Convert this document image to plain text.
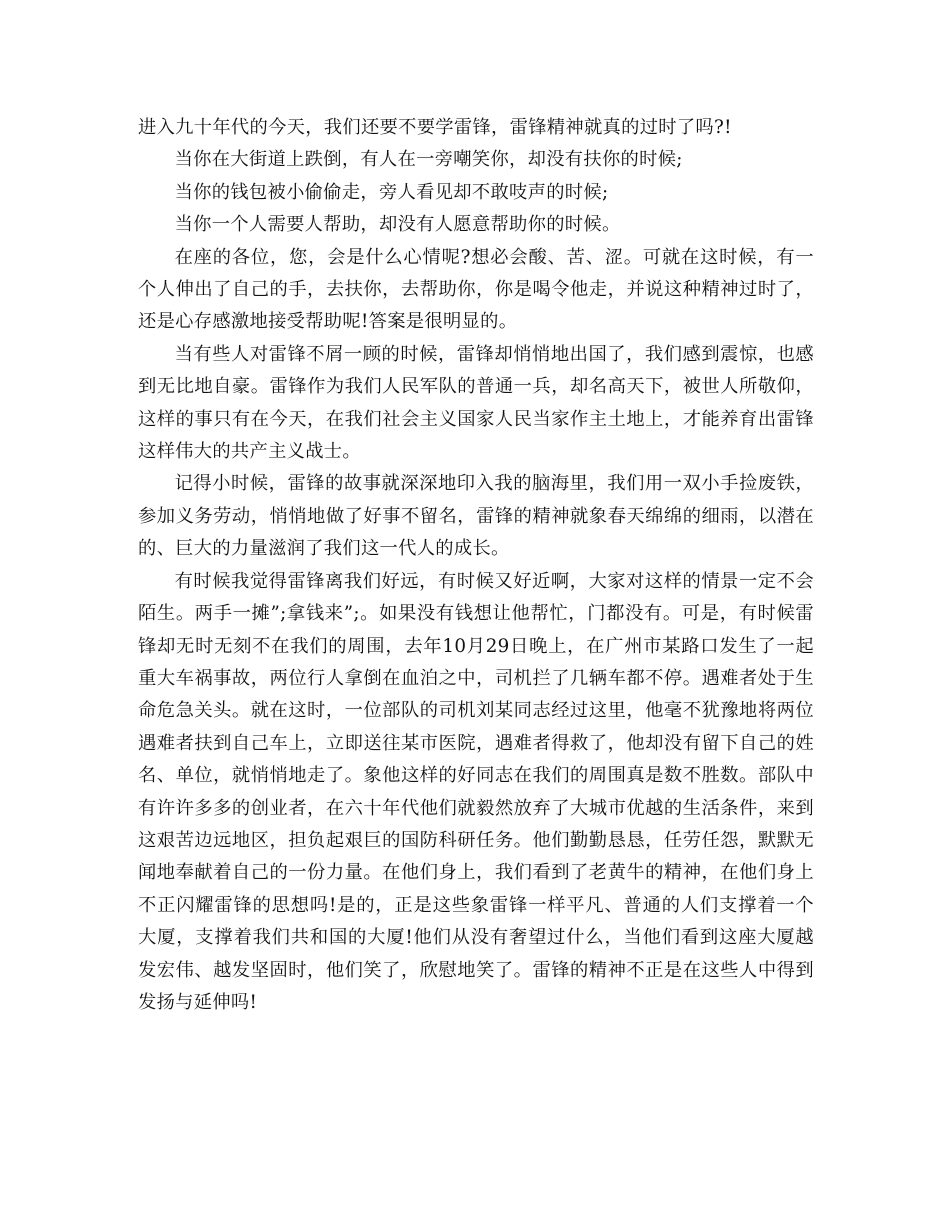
进入九十年代的今天，我们还要不要学雷锋，雷锋精神就真的过时了吗?!

当你在大街道上跌倒，有人在一旁嘲笑你，却没有扶你的时候;

当你的钱包被小偷偷走，旁人看见却不敢吱声的时候;

当你一个人需要人帮助，却没有人愿意帮助你的时候。

在座的各位，您，会是什么心情呢?想必会酸、苦、涩。可就在这时候，有一个人伸出了自己的手，去扶你，去帮助你，你是喝令他走，并说这种精神过时了，还是心存感激地接受帮助呢!答案是很明显的。

当有些人对雷锋不屑一顾的时候，雷锋却悄悄地出国了，我们感到震惊，也感到无比地自豪。雷锋作为我们人民军队的普通一兵，却名高天下，被世人所敬仰，这样的事只有在今天，在我们社会主义国家人民当家作主土地上，才能养育出雷锋这样伟大的共产主义战士。

记得小时候，雷锋的故事就深深地印入我的脑海里，我们用一双小手捡废铁，参加义务劳动，悄悄地做了好事不留名，雷锋的精神就象春天绵绵的细雨，以潜在的、巨大的力量滋润了我们这一代人的成长。

有时候我觉得雷锋离我们好远，有时候又好近啊，大家对这样的情景一定不会陌生。两手一摊”;拿钱来”;。如果没有钱想让他帮忙，门都没有。可是，有时候雷锋却无时无刻不在我们的周围，去年10月29日晚上，在广州市某路口发生了一起重大车祸事故，两位行人拿倒在血泊之中，司机拦了几辆车都不停。遇难者处于生命危急关头。就在这时，一位部队的司机刘某同志经过这里，他毫不犹豫地将两位遇难者扶到自己车上，立即送往某市医院，遇难者得救了，他却没有留下自己的姓名、单位，就悄悄地走了。象他这样的好同志在我们的周围真是数不胜数。部队中有许许多多的创业者，在六十年代他们就毅然放弃了大城市优越的生活条件，来到这艰苦边远地区，担负起艰巨的国防科研任务。他们勤勤恳恳，任劳任怨，默默无闻地奉献着自己的一份力量。在他们身上，我们看到了老黄牛的精神，在他们身上不正闪耀雷锋的思想吗!是的，正是这些象雷锋一样平凡、普通的人们支撑着一个大厦，支撑着我们共和国的大厦!他们从没有奢望过什么，当他们看到这座大厦越发宏伟、越发坚固时，他们笑了，欣慰地笑了。雷锋的精神不正是在这些人中得到发扬与延伸吗!
